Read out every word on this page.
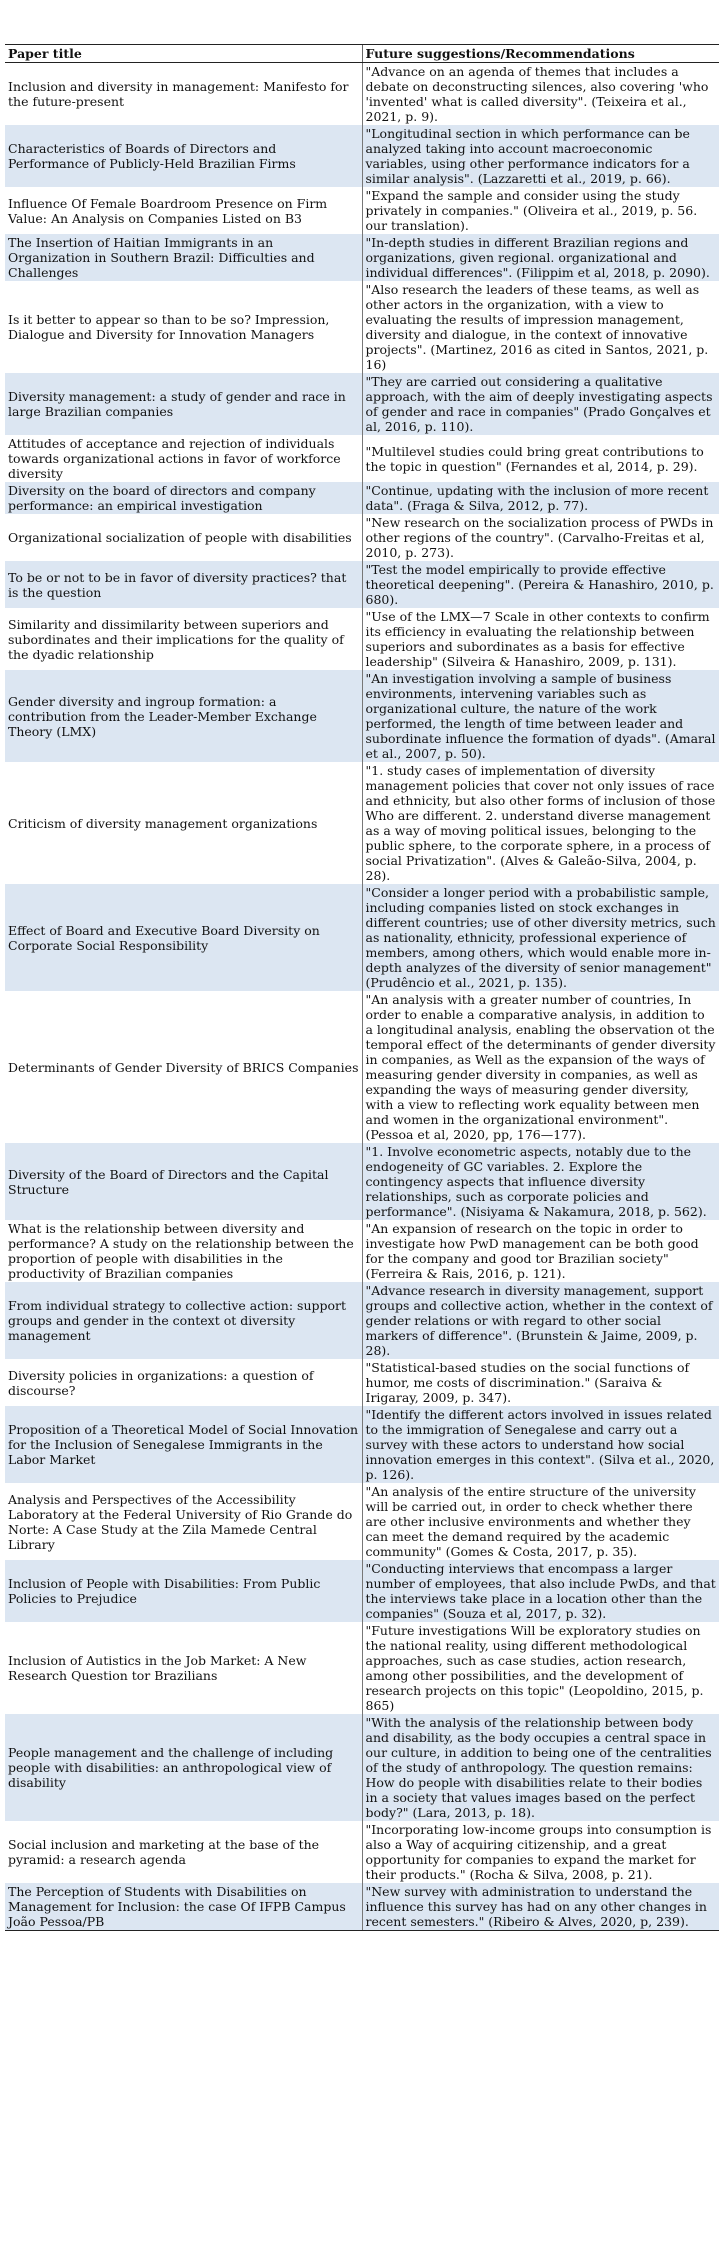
Paper title	Future suggestions/Recommendations
Inclusion and diversity in management: Manifesto for the future-present	"Advance on an agenda of themes that includes a debate on deconstructing silences, also covering 'who 'invented' what is called diversity". (Teixeira et al., 2021, p. 9).
Characteristics of Boards of Directors and Performance of Publicly-Held Brazilian Firms	"Longitudinal section in which performance can be analyzed taking into account macroeconomic variables, using other performance indicators for a similar analysis". (Lazzaretti et al., 2019, p. 66).
Influence Of Female Boardroom Presence on Firm Value: An Analysis on Companies Listed on B3	"Expand the sample and consider using the study privately in companies." (Oliveira et al., 2019, p. 56. our translation).
The Insertion of Haitian Immigrants in an Organization in Southern Brazil: Difficulties and Challenges	"In-depth studies in different Brazilian regions and organizations, given regional. organizational and individual differences". (Filippim et al, 2018, p. 2090).
Is it better to appear so than to be so? Impression, Dialogue and Diversity for Innovation Managers	"Also research the leaders of these teams, as well as other actors in the organization, with a view to evaluating the results of impression management, diversity and dialogue, in the context of innovative projects". (Martinez, 2016 as cited in Santos, 2021, p. 16)
Diversity management: a study of gender and race in large Brazilian companies	"They are carried out considering a qualitative approach, with the aim of deeply investigating aspects of gender and race in companies" (Prado Gonçalves et al, 2016, p. 110).
Attitudes of acceptance and rejection of individuals towards organizational actions in favor of workforce diversity	"Multilevel studies could bring great contributions to the topic in question" (Fernandes et al, 2014, p. 29).
Diversity on the board of directors and company performance: an empirical investigation	"Continue, updating with the inclusion of more recent data". (Fraga & Silva, 2012, p. 77).
Organizational socialization of people with disabilities	"New research on the socialization process of PWDs in other regions of the country". (Carvalho-Freitas et al, 2010, p. 273).
To be or not to be in favor of diversity practices? that is the question	"Test the model empirically to provide effective theoretical deepening". (Pereira & Hanashiro, 2010, p. 680).
Similarity and dissimilarity between superiors and subordinates and their implications for the quality of the dyadic relationship	"Use of the LMX—7 Scale in other contexts to confirm its efficiency in evaluating the relationship between superiors and subordinates as a basis for effective leadership" (Silveira & Hanashiro, 2009, p. 131).
Gender diversity and ingroup formation: a contribution from the Leader-Member Exchange Theory (LMX)	"An investigation involving a sample of business environments, intervening variables such as organizational culture, the nature of the work performed, the length of time between leader and subordinate influence the formation of dyads". (Amaral et al., 2007, p. 50).
Criticism of diversity management organizations	"1. study cases of implementation of diversity management policies that cover not only issues of race and ethnicity, but also other forms of inclusion of those Who are different. 2. understand diverse management as a way of moving political issues, belonging to the public sphere, to the corporate sphere, in a process of social Privatization". (Alves & Galeão-Silva, 2004, p. 28).
Effect of Board and Executive Board Diversity on Corporate Social Responsibility	"Consider a longer period with a probabilistic sample, including companies listed on stock exchanges in different countries; use of other diversity metrics, such as nationality, ethnicity, professional experience of members, among others, which would enable more in-depth analyzes of the diversity of senior management" (Prudêncio et al., 2021, p. 135).
Determinants of Gender Diversity of BRICS Companies	"An analysis with a greater number of countries, In order to enable a comparative analysis, in addition to a longitudinal analysis, enabling the observation ot the temporal effect of the determinants of gender diversity in companies, as Well as the expansion of the ways of measuring gender diversity in companies, as well as expanding the ways of measuring gender diversity, with a view to reflecting work equality between men and women in the organizational environment". (Pessoa et al, 2020, pp, 176—177).
Diversity of the Board of Directors and the Capital Structure	"1. Involve econometric aspects, notably due to the endogeneity of GC variables. 2. Explore the contingency aspects that influence diversity relationships, such as corporate policies and performance". (Nisiyama & Nakamura, 2018, p. 562).
What is the relationship between diversity and performance? A study on the relationship between the proportion of people with disabilities in the productivity of Brazilian companies	"An expansion of research on the topic in order to investigate how PwD management can be both good for the company and good tor Brazilian society" (Ferreira & Rais, 2016, p. 121).
From individual strategy to collective action: support groups and gender in the context ot diversity management	"Advance research in diversity management, support groups and collective action, whether in the context of gender relations or with regard to other social markers of difference". (Brunstein & Jaime, 2009, p. 28).
Diversity policies in organizations: a question of discourse?	"Statistical-based studies on the social functions of humor, me costs of discrimination." (Saraiva & Irigaray, 2009, p. 347).
Proposition of a Theoretical Model of Social Innovation for the Inclusion of Senegalese Immigrants in the Labor Market	"Identify the different actors involved in issues related to the immigration of Senegalese and carry out a survey with these actors to understand how social innovation emerges in this context". (Silva et al., 2020, p. 126).
Analysis and Perspectives of the Accessibility Laboratory at the Federal University of Rio Grande do Norte: A Case Study at the Zila Mamede Central Library	"An analysis of the entire structure of the university will be carried out, in order to check whether there are other inclusive environments and whether they can meet the demand required by the academic community" (Gomes & Costa, 2017, p. 35).
Inclusion of People with Disabilities: From Public Policies to Prejudice	"Conducting interviews that encompass a larger number of employees, that also include PwDs, and that the interviews take place in a location other than the companies" (Souza et al, 2017, p. 32).
Inclusion of Autistics in the Job Market: A New Research Question tor Brazilians	"Future investigations Will be exploratory studies on the national reality, using different methodological approaches, such as case studies, action research, among other possibilities, and the development of research projects on this topic" (Leopoldino, 2015, p. 865)
People management and the challenge of including people with disabilities: an anthropological view of disability	"With the analysis of the relationship between body and disability, as the body occupies a central space in our culture, in addition to being one of the centralities of the study of anthropology. The question remains: How do people with disabilities relate to their bodies in a society that values images based on the perfect body?" (Lara, 2013, p. 18).
Social inclusion and marketing at the base of the pyramid: a research agenda	"Incorporating low-income groups into consumption is also a Way of acquiring citizenship, and a great opportunity for companies to expand the market for their products." (Rocha & Silva, 2008, p. 21).
The Perception of Students with Disabilities on Management for Inclusion: the case Of IFPB Campus João Pessoa/PB	"New survey with administration to understand the influence this survey has had on any other changes in recent semesters." (Ribeiro & Alves, 2020, p, 239).
